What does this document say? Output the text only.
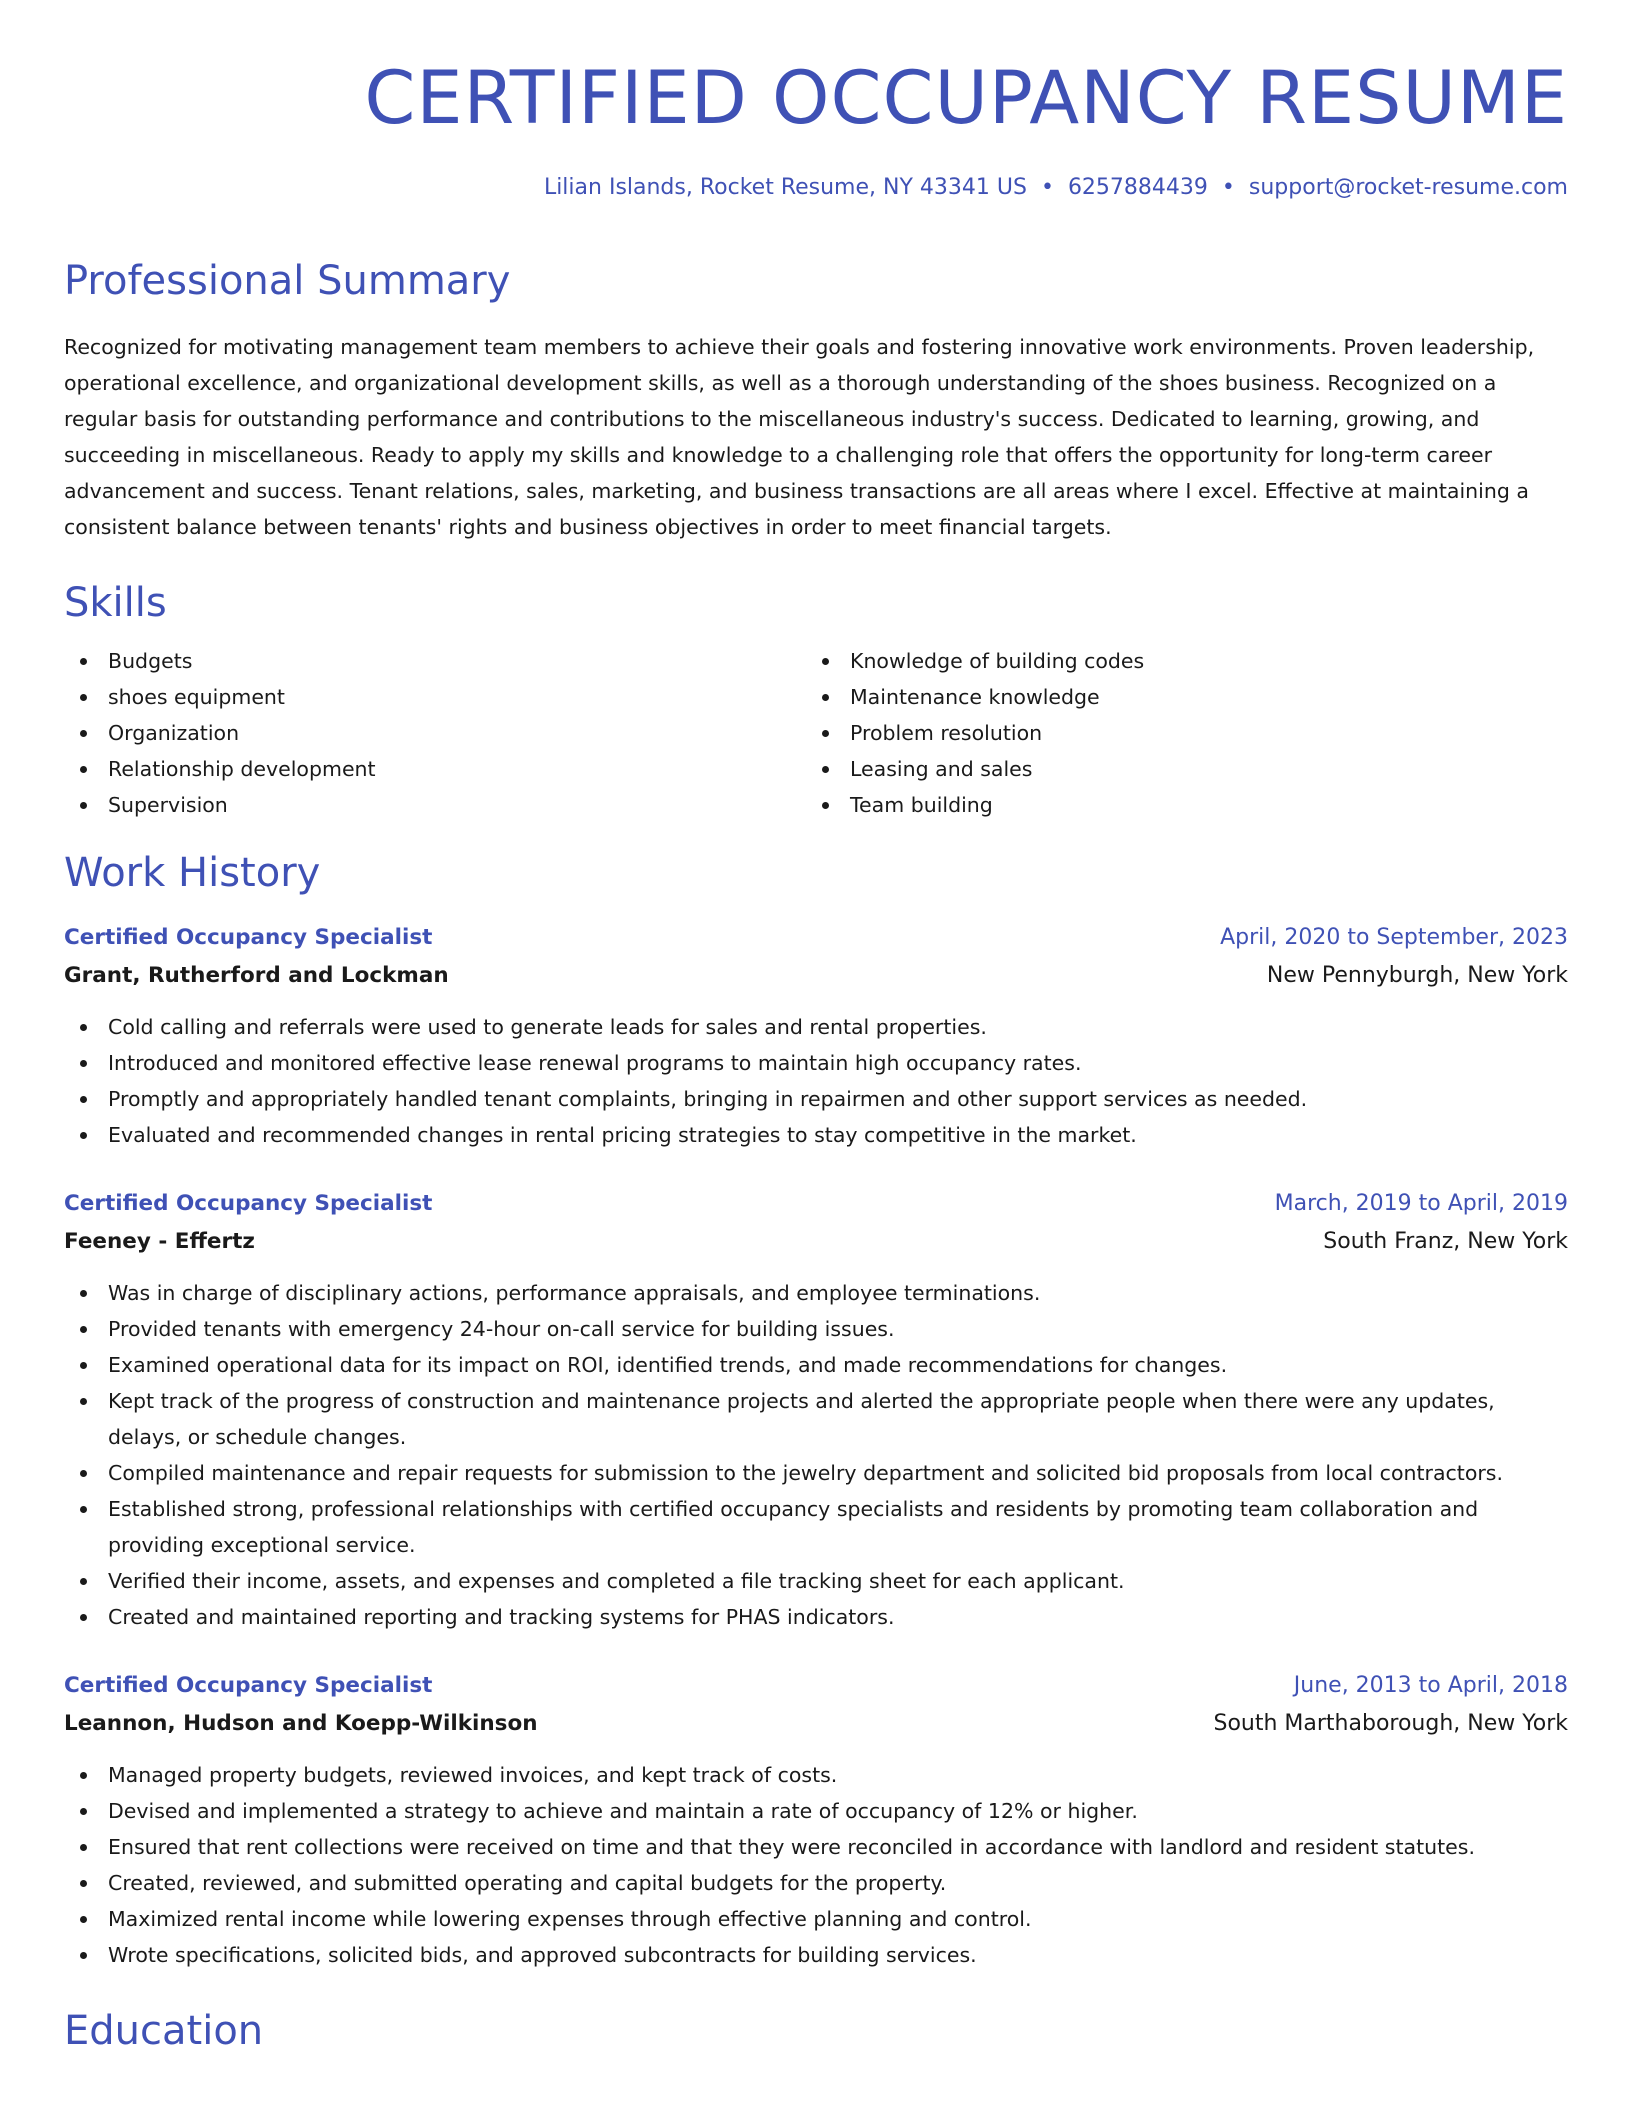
CERTIFIED OCCUPANCY RESUME
Lilian Islands, Rocket Resume, NY 43341 US • 6257884439 • support@rocket-resume.com
Professional Summary

Recognized for motivating management team members to achieve their goals and fostering innovative work environments. Proven leadership, operational excellence, and organizational development skills, as well as a thorough understanding of the shoes business. Recognized on a regular basis for outstanding performance and contributions to the miscellaneous industry's success. Dedicated to learning, growing, and succeeding in miscellaneous. Ready to apply my skills and knowledge to a challenging role that offers the opportunity for long-term career advancement and success. Tenant relations, sales, marketing, and business transactions are all areas where I excel. Effective at maintaining a consistent balance between tenants' rights and business objectives in order to meet financial targets.

Skills
Budgets
shoes equipment
Organization
Relationship development
Supervision
Knowledge of building codes
Maintenance knowledge
Problem resolution
Leasing and sales
Team building
Work History
Certified Occupancy Specialist	April, 2020 to September, 2023
Grant, Rutherford and Lockman	New Pennyburgh, New York
Cold calling and referrals were used to generate leads for sales and rental properties.
Introduced and monitored effective lease renewal programs to maintain high occupancy rates.
Promptly and appropriately handled tenant complaints, bringing in repairmen and other support services as needed.
Evaluated and recommended changes in rental pricing strategies to stay competitive in the market.
Certified Occupancy Specialist	March, 2019 to April, 2019
Feeney - Effertz	South Franz, New York
Was in charge of disciplinary actions, performance appraisals, and employee terminations.
Provided tenants with emergency 24-hour on-call service for building issues.
Examined operational data for its impact on ROI, identified trends, and made recommendations for changes.
Kept track of the progress of construction and maintenance projects and alerted the appropriate people when there were any updates, delays, or schedule changes.
Compiled maintenance and repair requests for submission to the jewelry department and solicited bid proposals from local contractors.
Established strong, professional relationships with certified occupancy specialists and residents by promoting team collaboration and providing exceptional service.
Verified their income, assets, and expenses and completed a file tracking sheet for each applicant.
Created and maintained reporting and tracking systems for PHAS indicators.
Certified Occupancy Specialist	June, 2013 to April, 2018
Leannon, Hudson and Koepp-Wilkinson	South Marthaborough, New York
Managed property budgets, reviewed invoices, and kept track of costs.
Devised and implemented a strategy to achieve and maintain a rate of occupancy of 12% or higher.
Ensured that rent collections were received on time and that they were reconciled in accordance with landlord and resident statutes.
Created, reviewed, and submitted operating and capital budgets for the property.
Maximized rental income while lowering expenses through effective planning and control.
Wrote specifications, solicited bids, and approved subcontracts for building services.
Education
